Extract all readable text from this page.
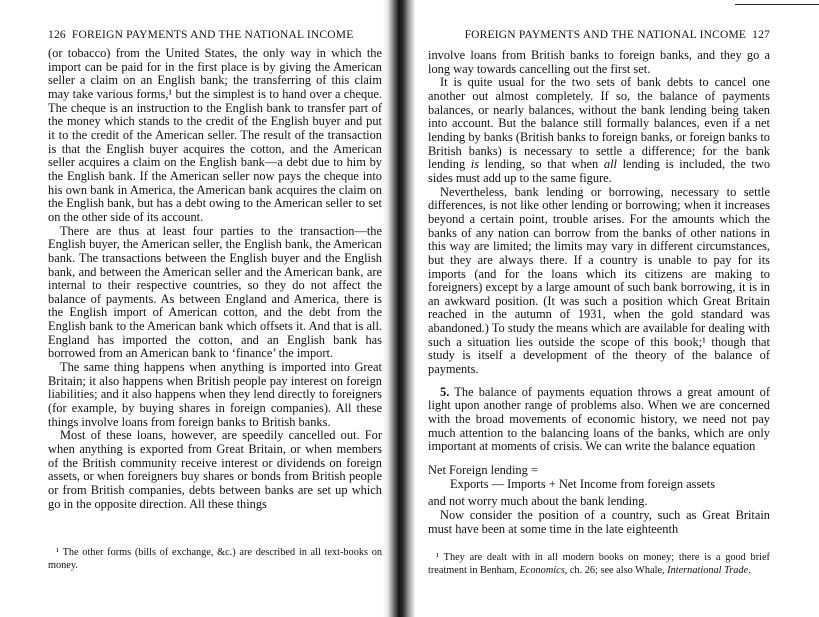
126 FOREIGN PAYMENTS AND THE NATIONAL INCOME

(or tobacco) from the United States, the only way in which the import can be paid for in the first place is by giving the American seller a claim on an English bank; the transferring of this claim may take various forms,¹ but the simplest is to hand over a cheque. The cheque is an instruction to the English bank to transfer part of the money which stands to the credit of the English buyer and put it to the credit of the American seller. The result of the transaction is that the English buyer acquires the cotton, and the American seller acquires a claim on the English bank—a debt due to him by the English bank. If the American seller now pays the cheque into his own bank in America, the American bank acquires the claim on the English bank, but has a debt owing to the American seller to set on the other side of its account.

There are thus at least four parties to the transaction—the English buyer, the American seller, the English bank, the American bank. The transactions between the English buyer and the English bank, and between the American seller and the American bank, are internal to their respective countries, so they do not affect the balance of payments. As between England and America, there is the English import of American cotton, and the debt from the English bank to the American bank which offsets it. And that is all. England has imported the cotton, and an English bank has borrowed from an American bank to ‘finance’ the import.

The same thing happens when anything is imported into Great Britain; it also happens when British people pay interest on foreign liabilities; and it also happens when they lend directly to foreigners (for example, by buying shares in foreign companies). All these things involve loans from foreign banks to British banks.

Most of these loans, however, are speedily cancelled out. For when anything is exported from Great Britain, or when members of the British community receive interest or dividends on foreign assets, or when foreigners buy shares or bonds from British people or from British companies, debts between banks are set up which go in the opposite direction. All these things

¹ The other forms (bills of exchange, &c.) are described in all text-books on money.

FOREIGN PAYMENTS AND THE NATIONAL INCOME 127

involve loans from British banks to foreign banks, and they go a long way towards cancelling out the first set.

It is quite usual for the two sets of bank debts to cancel one another out almost completely. If so, the balance of payments balances, or nearly balances, without the bank lending being taken into account. But the balance still formally balances, even if a net lending by banks (British banks to foreign banks, or foreign banks to British banks) is necessary to settle a difference; for the bank lending is lending, so that when all lending is included, the two sides must add up to the same figure.

Nevertheless, bank lending or borrowing, necessary to settle differences, is not like other lending or borrowing; when it increases beyond a certain point, trouble arises. For the amounts which the banks of any nation can borrow from the banks of other nations in this way are limited; the limits may vary in different circumstances, but they are always there. If a country is unable to pay for its imports (and for the loans which its citizens are making to foreigners) except by a large amount of such bank borrowing, it is in an awkward position. (It was such a position which Great Britain reached in the autumn of 1931, when the gold standard was abandoned.) To study the means which are available for dealing with such a situation lies outside the scope of this book;¹ though that study is itself a development of the theory of the balance of payments.

5. The balance of payments equation throws a great amount of light upon another range of problems also. When we are concerned with the broad movements of economic history, we need not pay much attention to the balancing loans of the banks, which are only important at moments of crisis. We can write the balance equation

Net Foreign lending =
Exports — Imports + Net Income from foreign assets

and not worry much about the bank lending.

Now consider the position of a country, such as Great Britain must have been at some time in the late eighteenth

¹ They are dealt with in all modern books on money; there is a good brief treatment in Benham, Economics, ch. 26; see also Whale, International Trade.
